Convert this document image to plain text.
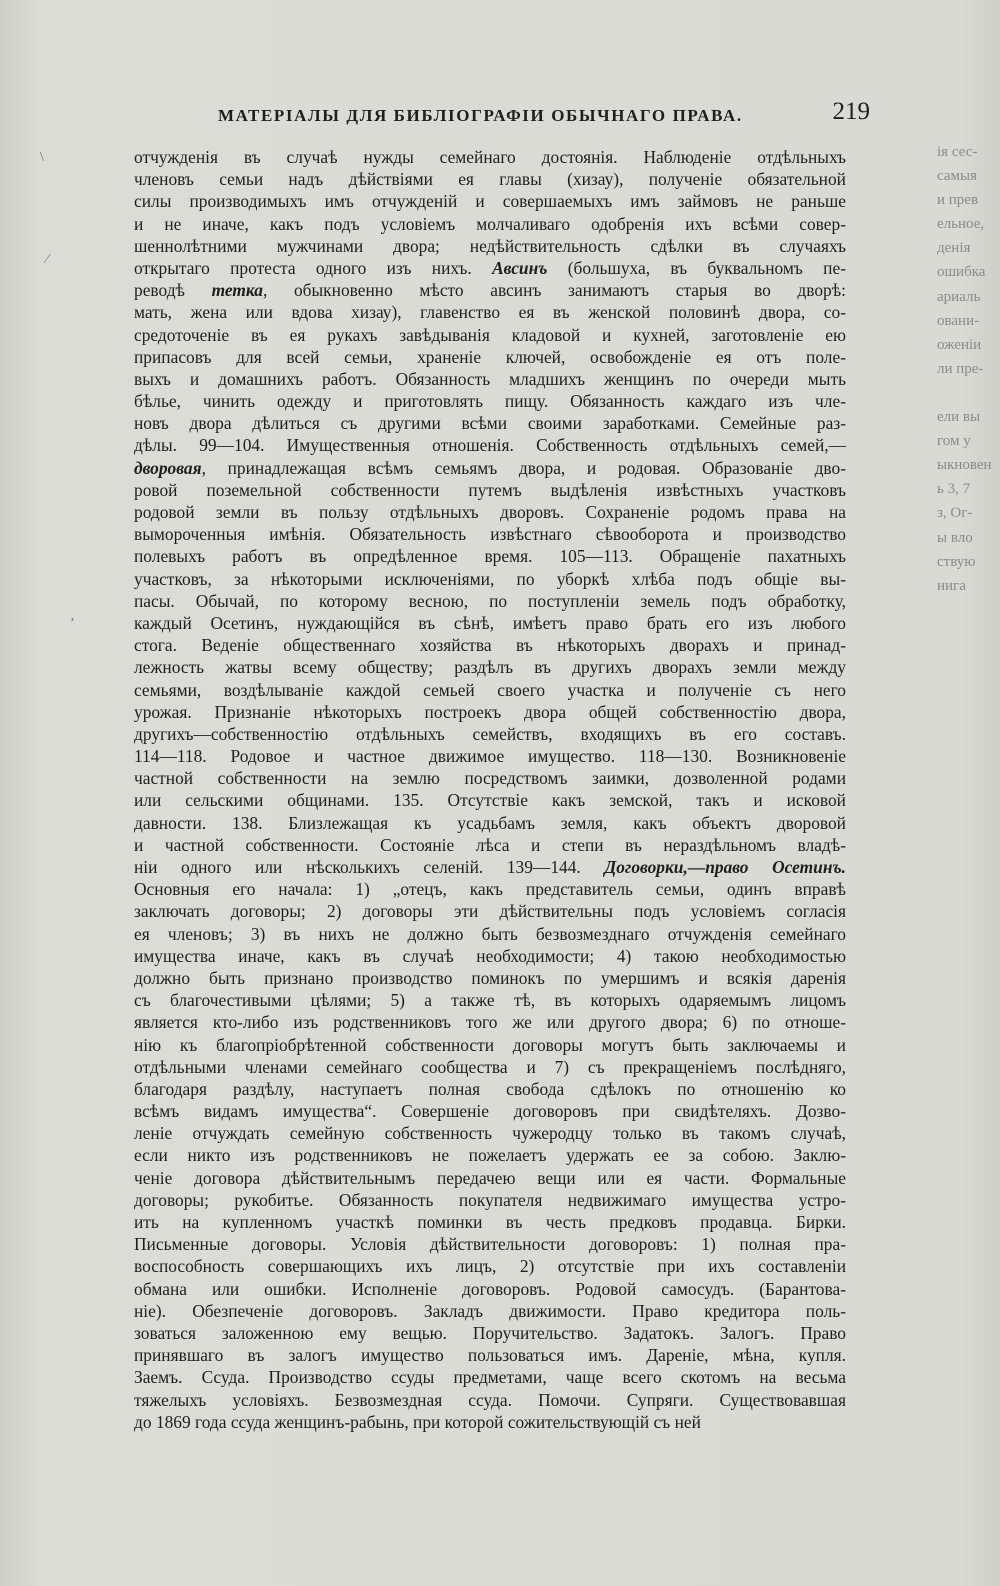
ія сес-
самыя
и прев
ельное,
денія
ошибка
ариаль
овани-
оженіи
ли пре-
ели вы
гом у
ыкновен
ь 3, 7
з, Ог-
ы вло
ствую
нига
МАТЕРІАЛЫ ДЛЯ БИБЛІОГРАФІИ ОБЫЧНАГО ПРАВА.	219
\
∕
’
отчужденія въ случаѣ нужды семейнаго достоянія. Наблюденіе отдѣльныхъ
членовъ семьи надъ дѣйствіями ея главы (хизау), полученіе обязательной
силы производимыхъ имъ отчужденій и совершаемыхъ имъ займовъ не раньше
и не иначе, какъ подъ условіемъ молчаливаго одобренія ихъ всѣми совер-
шеннолѣтними мужчинами двора; недѣйствительность сдѣлки въ случаяхъ
открытаго протеста одного изъ нихъ. Авсинъ (большуха, въ буквальномъ пе-
реводѣ тетка, обыкновенно мѣсто авсинъ занимаютъ старыя во дворѣ:
мать, жена или вдова хизау), главенство ея въ женской половинѣ двора, со-
средоточеніе въ ея рукахъ завѣдыванія кладовой и кухней, заготовленіе ею
припасовъ для всей семьи, храненіе ключей, освобожденіе ея отъ поле-
выхъ и домашнихъ работъ. Обязанность младшихъ женщинъ по очереди мыть
бѣлье, чинить одежду и приготовлять пищу. Обязанность каждаго изъ чле-
новъ двора дѣлиться съ другими всѣми своими заработками. Семейные раз-
дѣлы. 99—104. Имущественныя отношенія. Собственность отдѣльныхъ семей,—
дворовая, принадлежащая всѣмъ семьямъ двора, и родовая. Образованіе дво-
ровой поземельной собственности путемъ выдѣленія извѣстныхъ участковъ
родовой земли въ пользу отдѣльныхъ дворовъ. Сохраненіе родомъ права на
вымороченныя имѣнія. Обязательность извѣстнаго сѣвооборота и производство
полевыхъ работъ въ опредѣленное время. 105—113. Обращеніе пахатныхъ
участковъ, за нѣкоторыми исключеніями, по уборкѣ хлѣба подъ общіе вы-
пасы. Обычай, по которому весною, по поступленіи земель подъ обработку,
каждый Осетинъ, нуждающійся въ сѣнѣ, имѣетъ право брать его изъ любого
стога. Веденіе общественнаго хозяйства въ нѣкоторыхъ дворахъ и принад-
лежность жатвы всему обществу; раздѣлъ въ другихъ дворахъ земли между
семьями, воздѣлываніе каждой семьей своего участка и полученіе съ него
урожая. Признаніе нѣкоторыхъ построекъ двора общей собственностію двора,
другихъ—собственностію отдѣльныхъ семействъ, входящихъ въ его составъ.
114—118. Родовое и частное движимое имущество. 118—130. Возникновеніе
частной собственности на землю посредствомъ заимки, дозволенной родами
или сельскими общинами. 135. Отсутствіе какъ земской, такъ и исковой
давности. 138. Близлежащая къ усадьбамъ земля, какъ объектъ дворовой
и частной собственности. Состояніе лѣса и степи въ нераздѣльномъ владѣ-
ніи одного или нѣсколькихъ селеній. 139—144. Договорки,—право Осетинъ.
Основныя его начала: 1) „отецъ, какъ представитель семьи, одинъ вправѣ
заключать договоры; 2) договоры эти дѣйствительны подъ условіемъ согласія
ея членовъ; 3) въ нихъ не должно быть безвозмезднаго отчужденія семейнаго
имущества иначе, какъ въ случаѣ необходимости; 4) такою необходимостью
должно быть признано производство поминокъ по умершимъ и всякія даренія
съ благочестивыми цѣлями; 5) а также тѣ, въ которыхъ одаряемымъ лицомъ
является кто-либо изъ родственниковъ того же или другого двора; 6) по отноше-
нію къ благопріобрѣтенной собственности договоры могутъ быть заключаемы и
отдѣльными членами семейнаго сообщества и 7) съ прекращеніемъ послѣдняго,
благодаря раздѣлу, наступаетъ полная свобода сдѣлокъ по отношенію ко
всѣмъ видамъ имущества“. Совершеніе договоровъ при свидѣтеляхъ. Дозво-
леніе отчуждать семейную собственность чужеродцу только въ такомъ случаѣ,
если никто изъ родственниковъ не пожелаетъ удержать ее за собою. Заклю-
ченіе договора дѣйствительнымъ передачею вещи или ея части. Формальные
договоры; рукобитье. Обязанность покупателя недвижимаго имущества устро-
ить на купленномъ участкѣ поминки въ честь предковъ продавца. Бирки.
Письменные договоры. Условія дѣйствительности договоровъ: 1) полная пра-
воспособность совершающихъ ихъ лицъ, 2) отсутствіе при ихъ составленіи
обмана или ошибки. Исполненіе договоровъ. Родовой самосудъ. (Барантова-
ніе). Обезпеченіе договоровъ. Закладъ движимости. Право кредитора поль-
зоваться заложенною ему вещью. Поручительство. Задатокъ. Залогъ. Право
принявшаго въ залогъ имущество пользоваться имъ. Дареніе, мѣна, купля.
Заемъ. Ссуда. Производство ссуды предметами, чаще всего скотомъ на весьма
тяжелыхъ условіяхъ. Безвозмездная ссуда. Помочи. Супряги. Существовавшая
до 1869 года ссуда женщинъ-рабынь, при которой сожительствующій съ ней
